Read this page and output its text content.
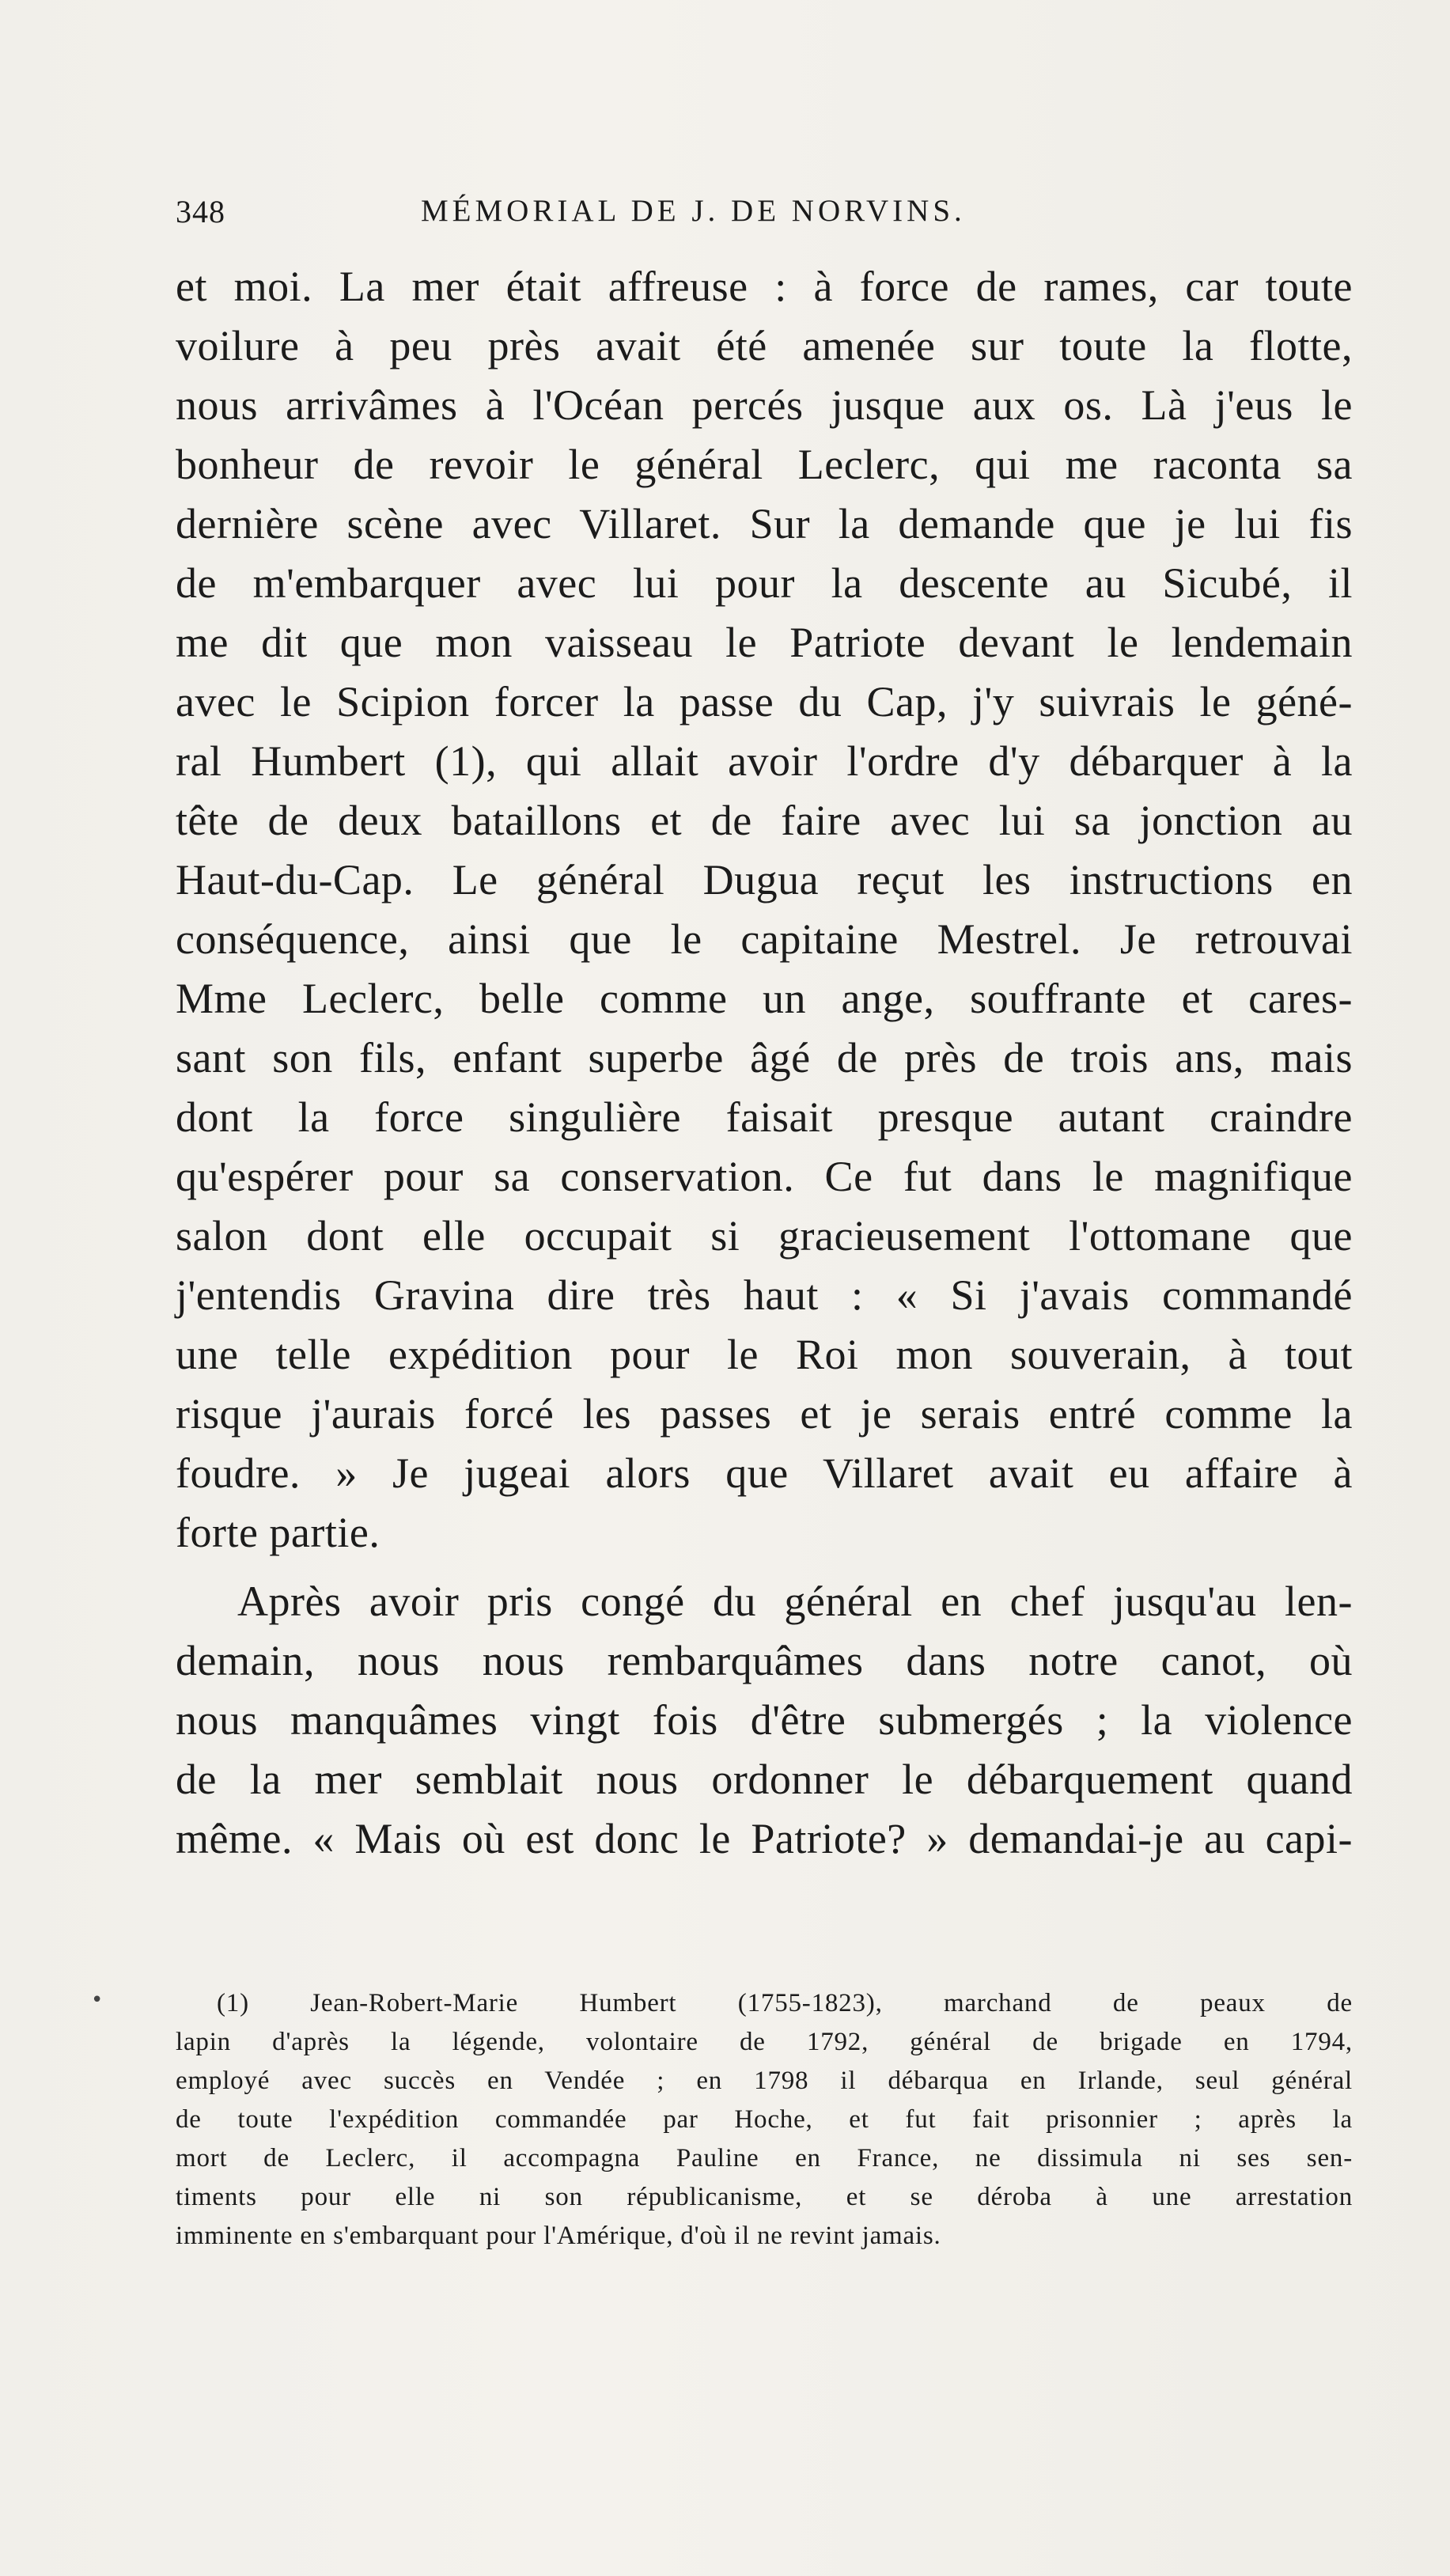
348	MÉMORIAL DE J. DE NORVINS.
et moi. La mer était affreuse : à force de rames, car toute
voilure à peu près avait été amenée sur toute la flotte,
nous arrivâmes à l'Océan percés jusque aux os. Là j'eus le
bonheur de revoir le général Leclerc, qui me raconta sa
dernière scène avec Villaret. Sur la demande que je lui fis
de m'embarquer avec lui pour la descente au Sicubé, il
me dit que mon vaisseau le Patriote devant le lendemain
avec le Scipion forcer la passe du Cap, j'y suivrais le géné-
ral Humbert (1), qui allait avoir l'ordre d'y débarquer à la
tête de deux bataillons et de faire avec lui sa jonction au
Haut-du-Cap. Le général Dugua reçut les instructions en
conséquence, ainsi que le capitaine Mestrel. Je retrouvai
Mme Leclerc, belle comme un ange, souffrante et cares-
sant son fils, enfant superbe âgé de près de trois ans, mais
dont la force singulière faisait presque autant craindre
qu'espérer pour sa conservation. Ce fut dans le magnifique
salon dont elle occupait si gracieusement l'ottomane que
j'entendis Gravina dire très haut : « Si j'avais commandé
une telle expédition pour le Roi mon souverain, à tout
risque j'aurais forcé les passes et je serais entré comme la
foudre. » Je jugeai alors que Villaret avait eu affaire à
forte partie.
Après avoir pris congé du général en chef jusqu'au len-
demain, nous nous rembarquâmes dans notre canot, où
nous manquâmes vingt fois d'être submergés ; la violence
de la mer semblait nous ordonner le débarquement quand
même. « Mais où est donc le Patriote? » demandai-je au capi-
•	(1) Jean-Robert-Marie Humbert (1755-1823), marchand de peaux de
lapin d'après la légende, volontaire de 1792, général de brigade en 1794,
employé avec succès en Vendée ; en 1798 il débarqua en Irlande, seul général
de toute l'expédition commandée par Hoche, et fut fait prisonnier ; après la
mort de Leclerc, il accompagna Pauline en France, ne dissimula ni ses sen-
timents pour elle ni son républicanisme, et se déroba à une arrestation
imminente en s'embarquant pour l'Amérique, d'où il ne revint jamais.
